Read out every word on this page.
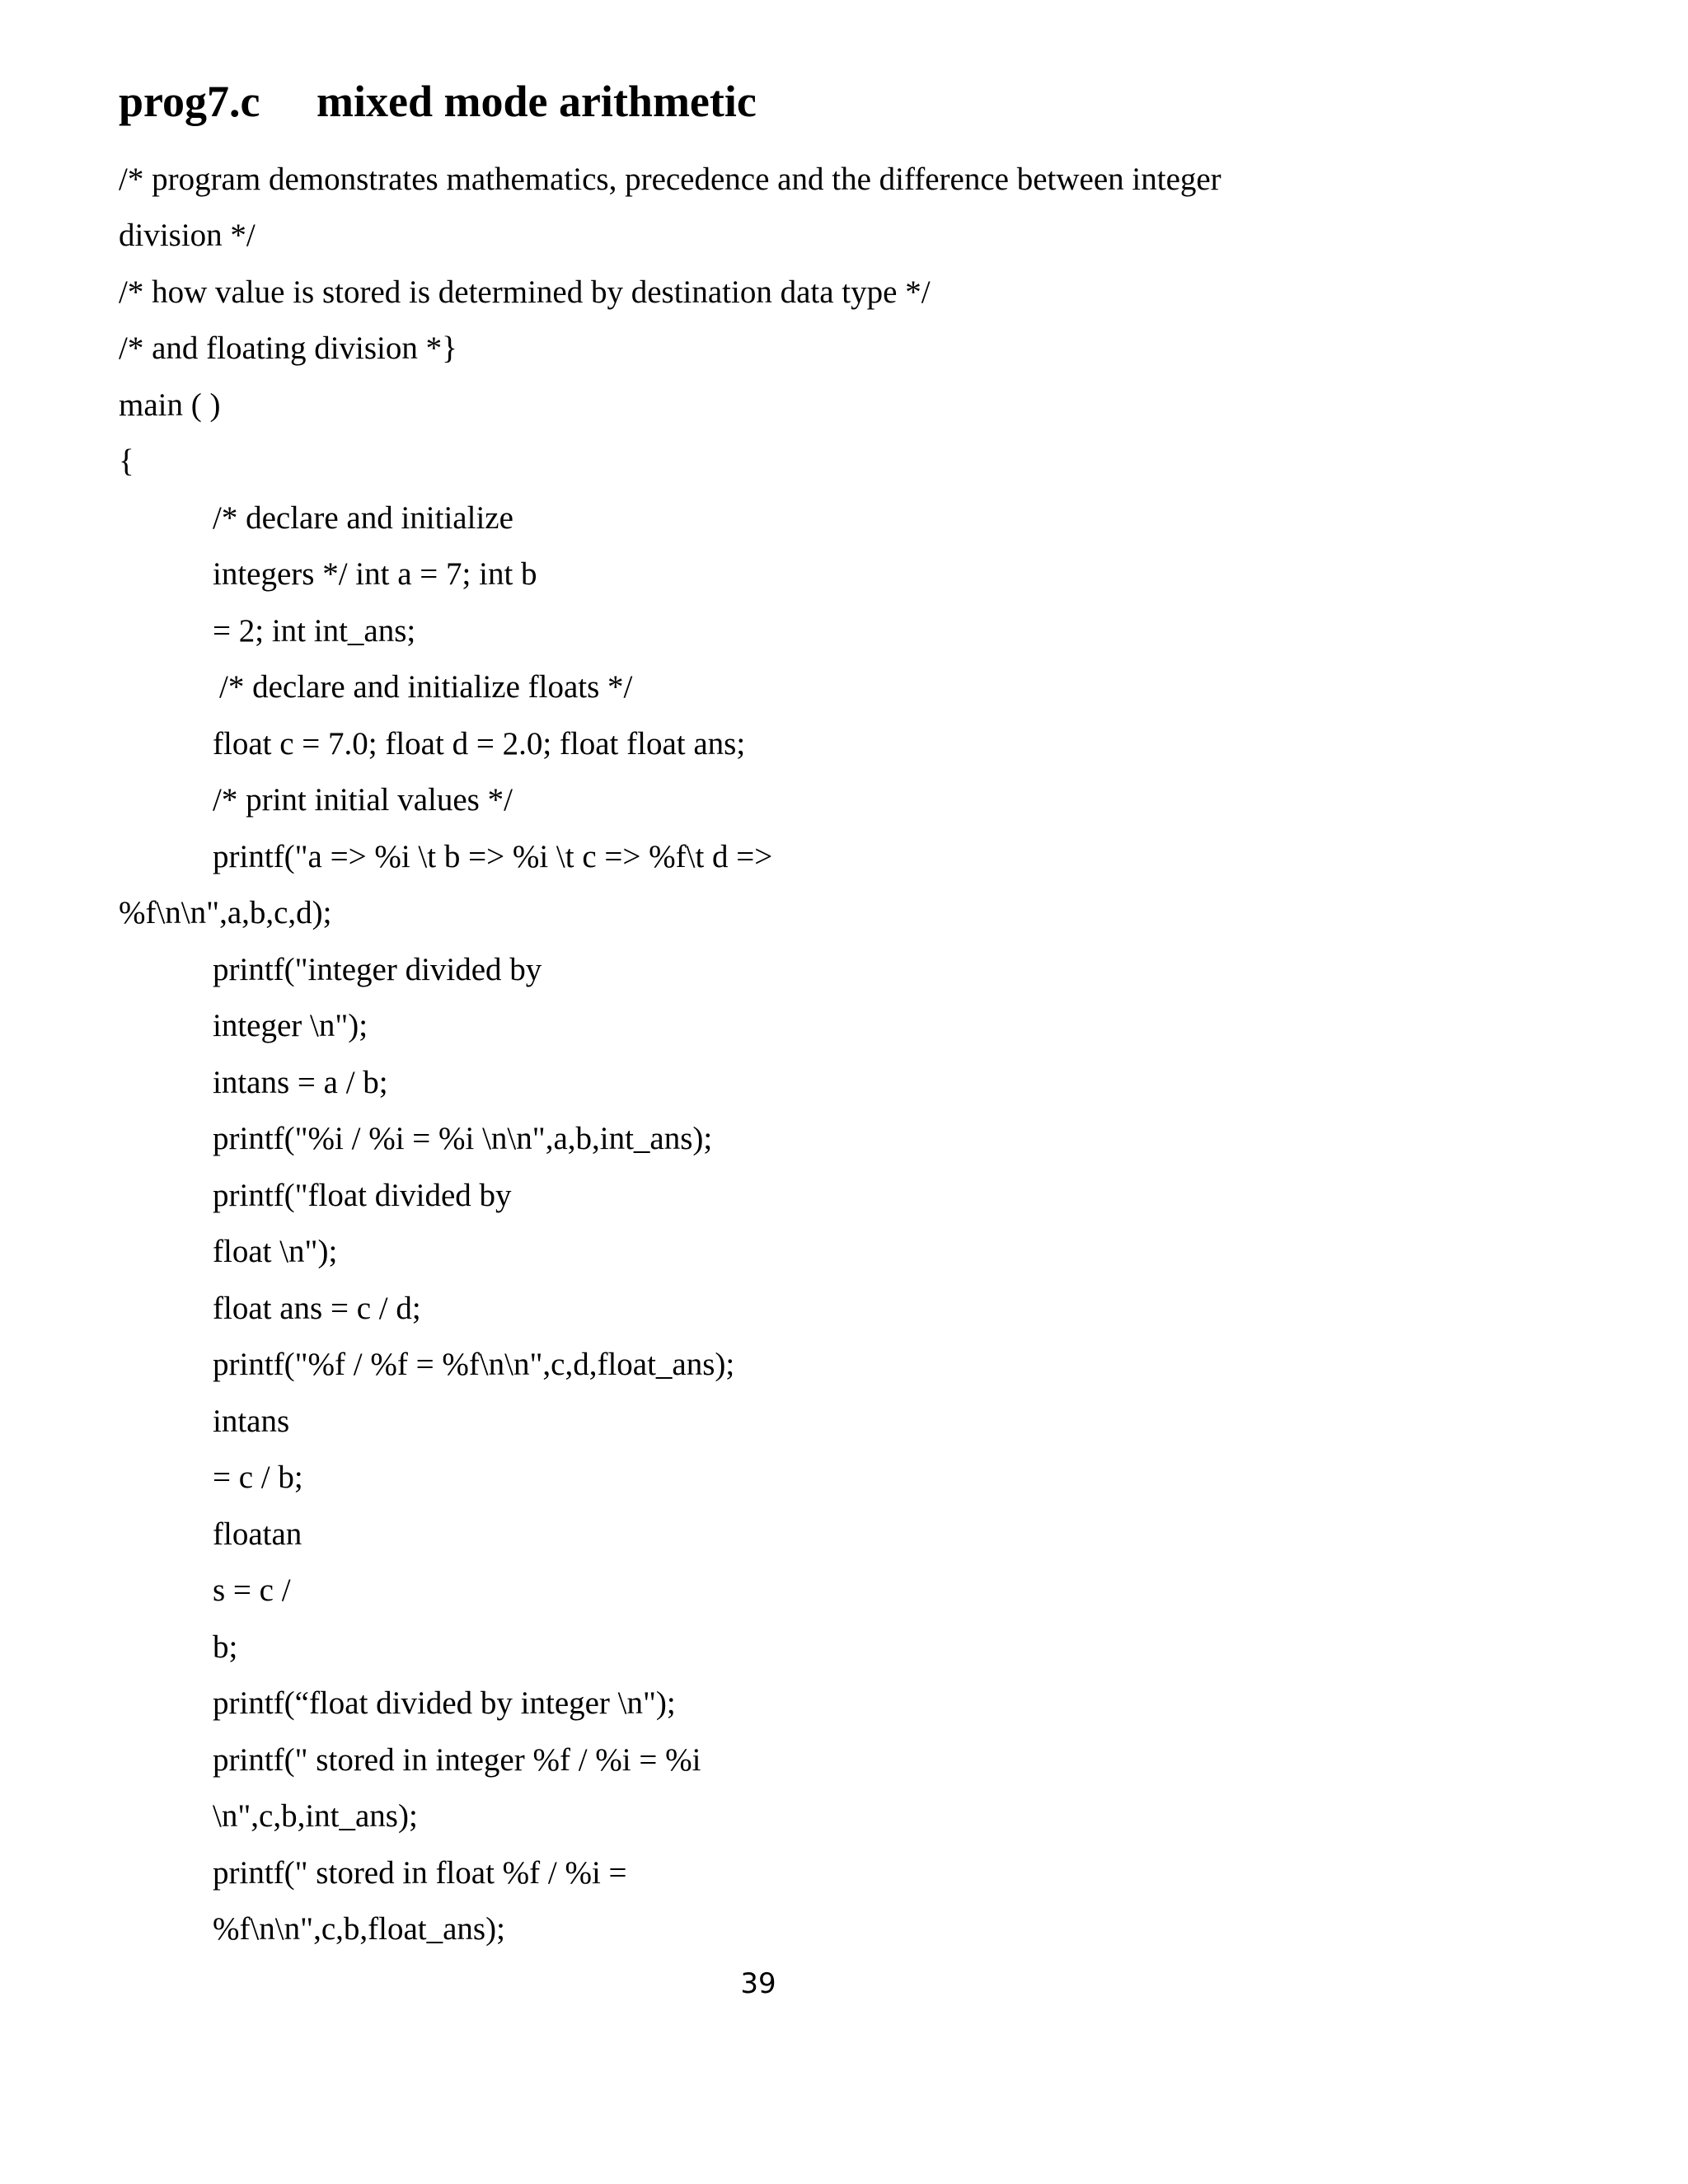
prog7.c mixed mode arithmetic

/* program demonstrates mathematics, precedence and the difference between integer

division */

/* how value is stored is determined by destination data type */

/* and floating division *}

main ( )

{

/* declare and initialize

integers */ int a = 7; int b

= 2; int int_ans;

/* declare and initialize floats */

float c = 7.0; float d = 2.0; float float ans;

/* print initial values */

printf("a => %i \t b => %i \t c => %f\t d =>

%f\n\n",a,b,c,d);

printf("integer divided by

integer \n");

intans = a / b;

printf("%i / %i = %i \n\n",a,b,int_ans);

printf("float divided by

float \n");

float ans = c / d;

printf("%f / %f = %f\n\n",c,d,float_ans);

intans

= c / b;

floatan

s = c /

b;

printf(“float divided by integer \n");

printf(" stored in integer %f / %i = %i

\n",c,b,int_ans);

printf(" stored in float %f / %i =

%f\n\n",c,b,float_ans);

39
